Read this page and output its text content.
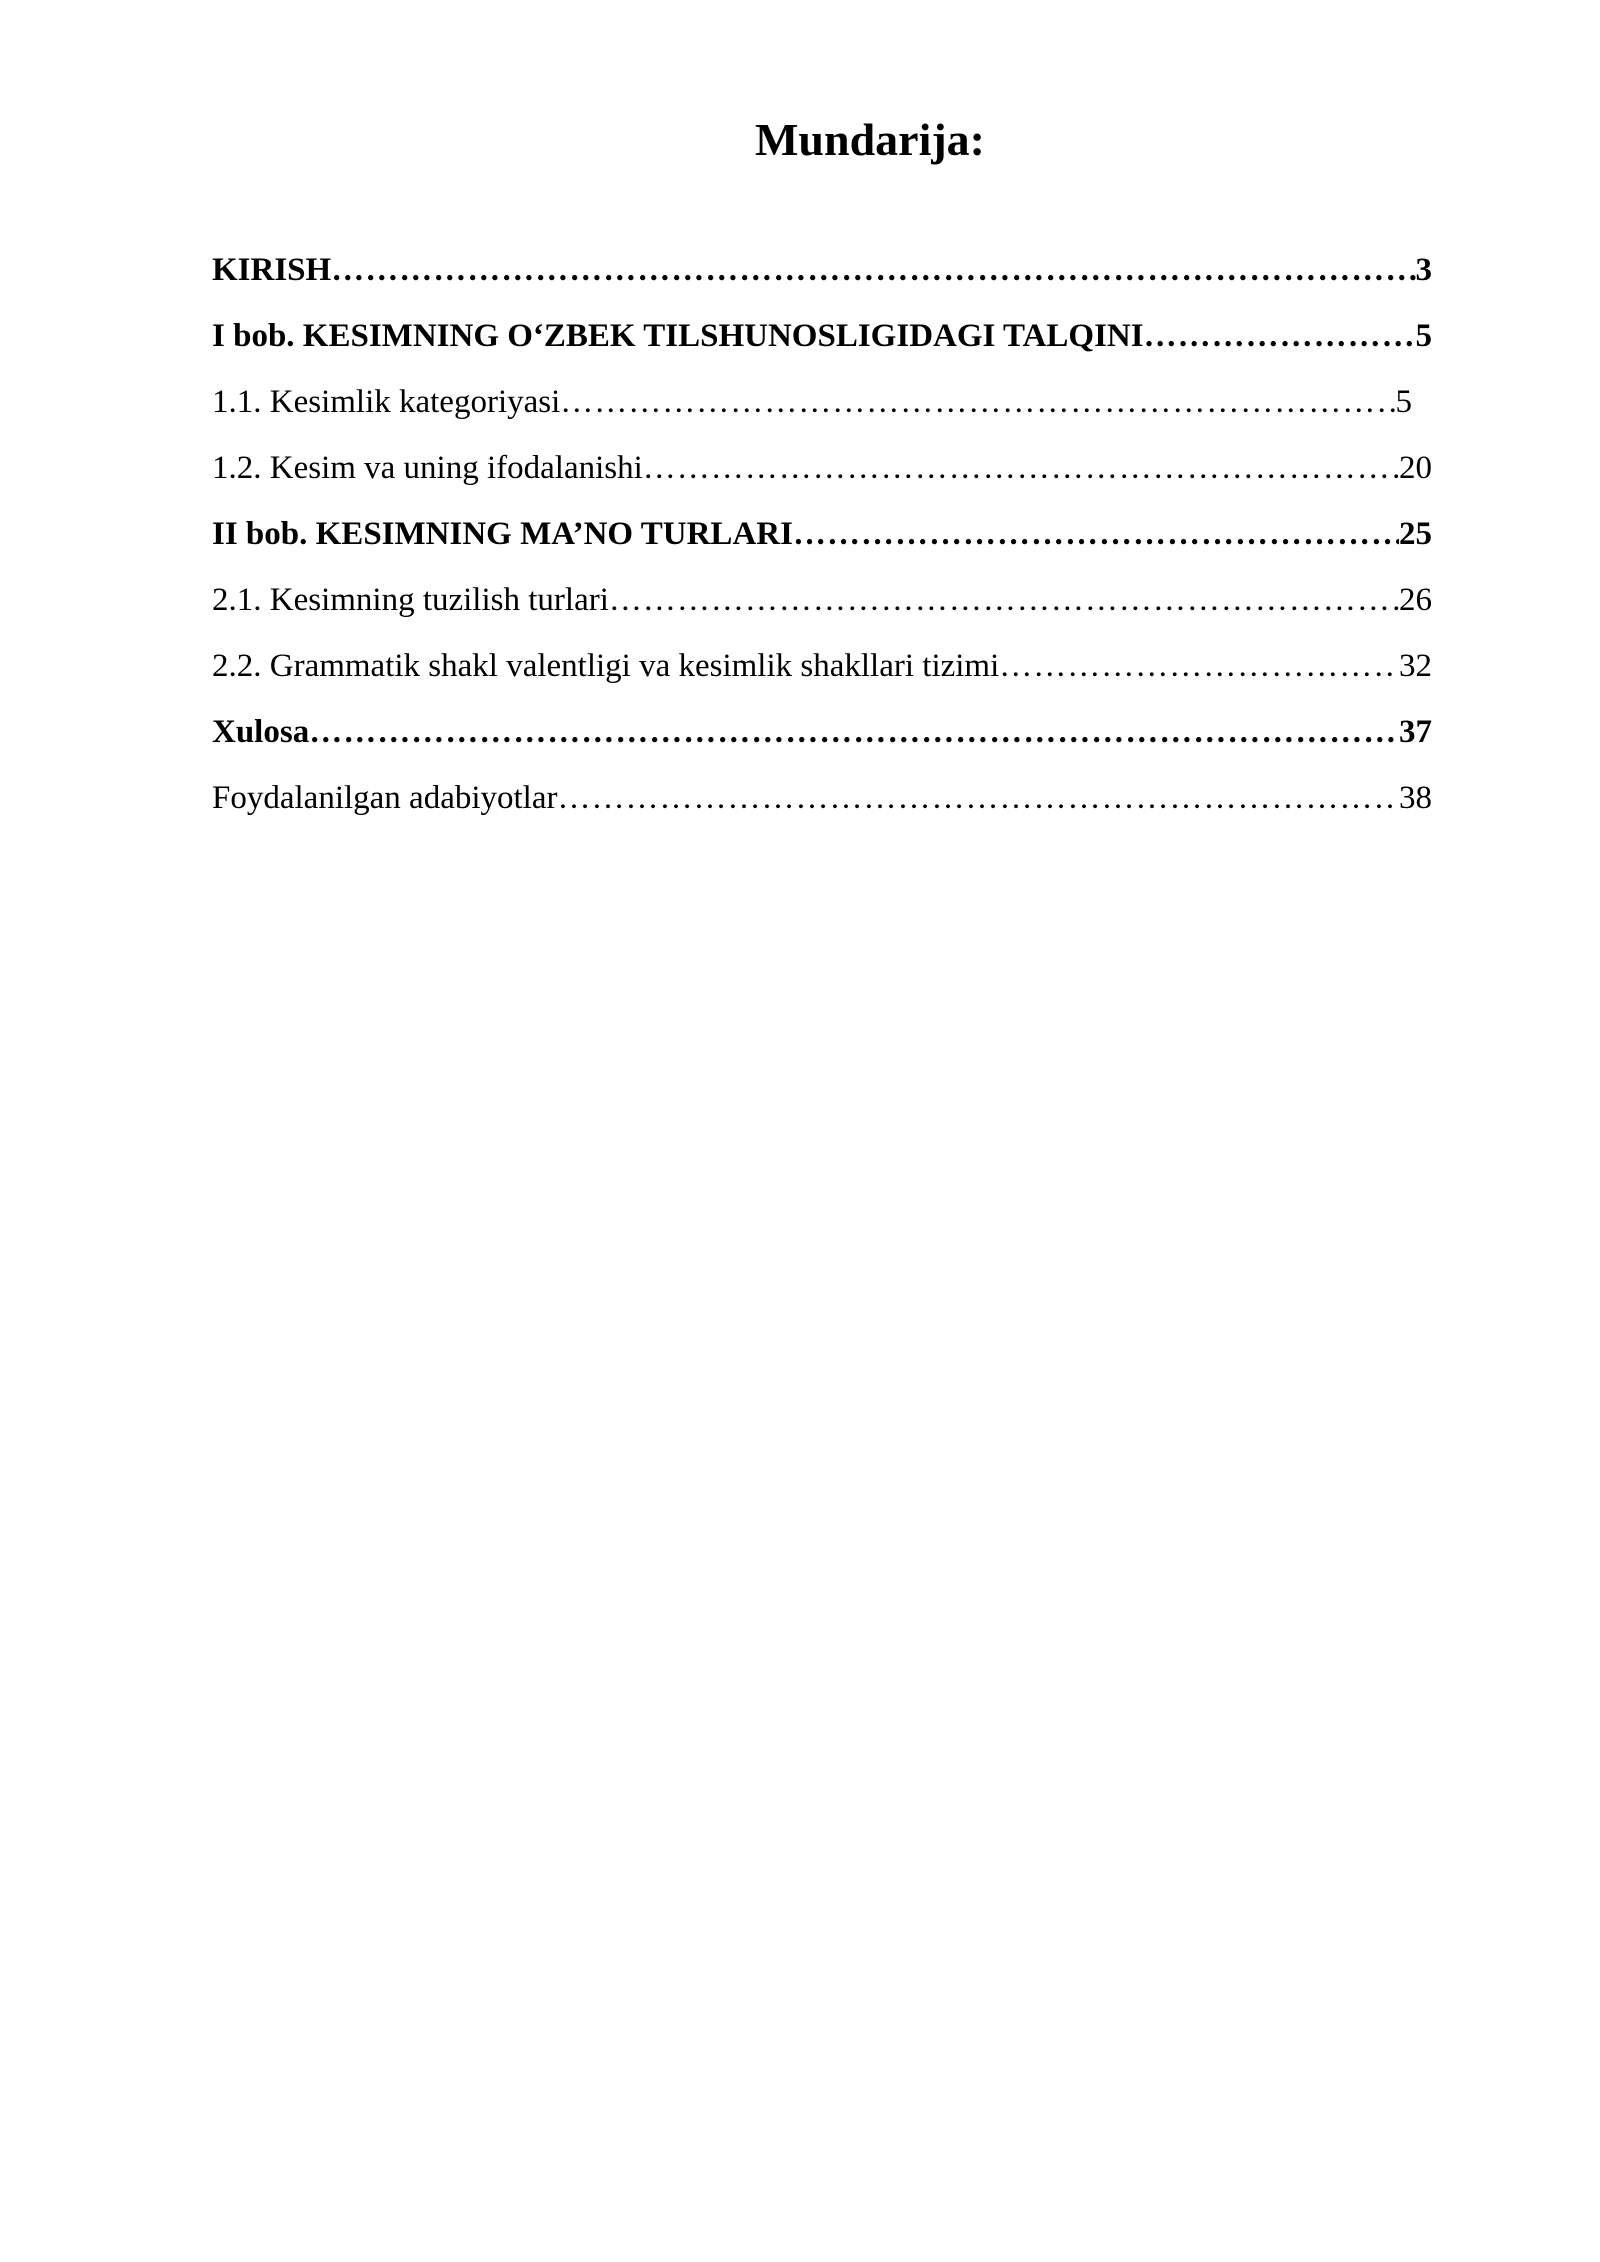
Mundarija:
KIRISH …………………………………………………………………………………………………………………………………………………………………………………………………………………………	3
I bob. KESIMNING O‘ZBEK TILSHUNOSLIGIDAGI TALQINI …………………………………………………………………………………………………………………………………………………………………………………………………………………………	5
1.1. Kesimlik kategoriyasi …………………………………………………………………………………………………………………………………………………………………………………………………………………………	5
1.2. Kesim va uning ifodalanishi …………………………………………………………………………………………………………………………………………………………………………………………………………………………	20
II bob. KESIMNING MA’NO TURLARI …………………………………………………………………………………………………………………………………………………………………………………………………………………………	25
2.1. Kesimning tuzilish turlari …………………………………………………………………………………………………………………………………………………………………………………………………………………………	26
2.2. Grammatik shakl valentligi va kesimlik shakllari tizimi …………………………………………………………………………………………………………………………………………………………………………………………………………………………	32
Xulosa …………………………………………………………………………………………………………………………………………………………………………………………………………………………	37
Foydalanilgan adabiyotlar …………………………………………………………………………………………………………………………………………………………………………………………………………………………	38
